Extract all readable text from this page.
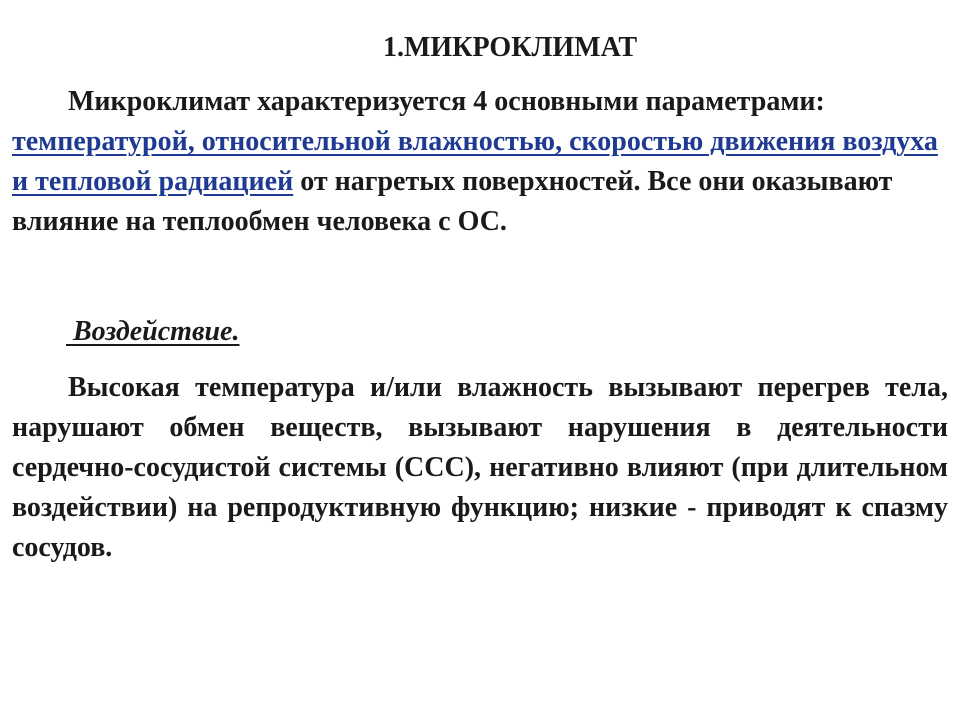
1.МИКРОКЛИМАТ

Микроклимат характеризуется 4 основными параметрами: температурой, относительной влажностью, скоростью движения воздуха и тепловой радиацией от нагретых поверхностей. Все они оказывают влияние на теплообмен человека с ОС.

Воздействие.

Высокая температура и/или влажность вызывают перегрев тела, нарушают обмен веществ, вызывают нарушения в деятельности сердечно-сосудистой системы (ССС), негативно влияют (при длительном воздействии) на репродуктивную функцию; низкие - приводят к спазму сосудов.
